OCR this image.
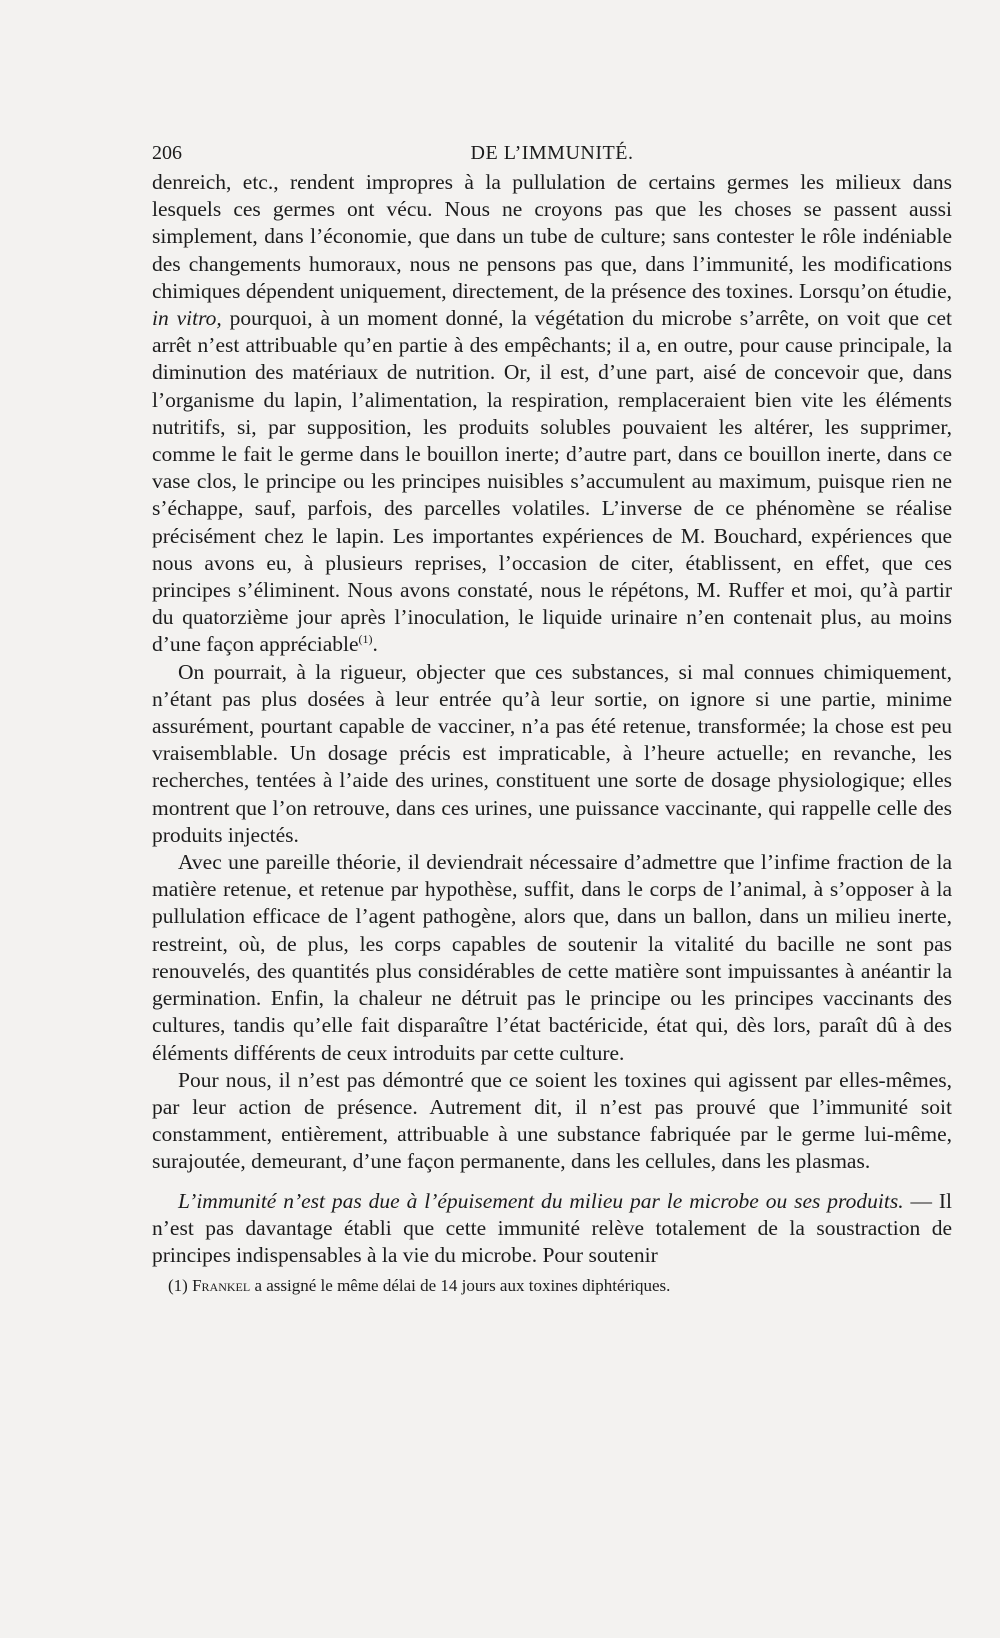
206	DE L’IMMUNITÉ.

denreich, etc., rendent impropres à la pullulation de certains germes les milieux dans lesquels ces germes ont vécu. Nous ne croyons pas que les choses se passent aussi simplement, dans l’économie, que dans un tube de culture; sans contester le rôle indéniable des changements humoraux, nous ne pensons pas que, dans l’immunité, les modifications chimiques dépendent uniquement, directement, de la présence des toxines. Lorsqu’on étudie, in vitro, pourquoi, à un moment donné, la végétation du microbe s’arrête, on voit que cet arrêt n’est attribuable qu’en partie à des empêchants; il a, en outre, pour cause principale, la diminution des matériaux de nutrition. Or, il est, d’une part, aisé de concevoir que, dans l’organisme du lapin, l’alimentation, la respiration, remplaceraient bien vite les éléments nutritifs, si, par supposition, les produits solubles pouvaient les altérer, les supprimer, comme le fait le germe dans le bouillon inerte; d’autre part, dans ce bouillon inerte, dans ce vase clos, le principe ou les principes nuisibles s’accumulent au maximum, puisque rien ne s’échappe, sauf, parfois, des parcelles volatiles. L’inverse de ce phénomène se réalise précisément chez le lapin. Les importantes expériences de M. Bouchard, expériences que nous avons eu, à plusieurs reprises, l’occasion de citer, établissent, en effet, que ces principes s’éliminent. Nous avons constaté, nous le répétons, M. Ruffer et moi, qu’à partir du quatorzième jour après l’inoculation, le liquide urinaire n’en contenait plus, au moins d’une façon appréciable$^{(1)}$.

On pourrait, à la rigueur, objecter que ces substances, si mal connues chimiquement, n’étant pas plus dosées à leur entrée qu’à leur sortie, on ignore si une partie, minime assurément, pourtant capable de vacciner, n’a pas été retenue, transformée; la chose est peu vraisemblable. Un dosage précis est impraticable, à l’heure actuelle; en revanche, les recherches, tentées à l’aide des urines, constituent une sorte de dosage physiologique; elles montrent que l’on retrouve, dans ces urines, une puissance vaccinante, qui rappelle celle des produits injectés.

Avec une pareille théorie, il deviendrait nécessaire d’admettre que l’infime fraction de la matière retenue, et retenue par hypothèse, suffit, dans le corps de l’animal, à s’opposer à la pullulation efficace de l’agent pathogène, alors que, dans un ballon, dans un milieu inerte, restreint, où, de plus, les corps capables de soutenir la vitalité du bacille ne sont pas renouvelés, des quantités plus considérables de cette matière sont impuissantes à anéantir la germination. Enfin, la chaleur ne détruit pas le principe ou les principes vaccinants des cultures, tandis qu’elle fait disparaître l’état bactéricide, état qui, dès lors, paraît dû à des éléments différents de ceux introduits par cette culture.

Pour nous, il n’est pas démontré que ce soient les toxines qui agissent par elles-mêmes, par leur action de présence. Autrement dit, il n’est pas prouvé que l’immunité soit constamment, entièrement, attribuable à une substance fabriquée par le germe lui-même, surajoutée, demeurant, d’une façon permanente, dans les cellules, dans les plasmas.

L’immunité n’est pas due à l’épuisement du milieu par le microbe ou ses produits. — Il n’est pas davantage établi que cette immunité relève totalement de la soustraction de principes indispensables à la vie du microbe. Pour soutenir

(1) Frankel a assigné le même délai de 14 jours aux toxines diphtériques.
